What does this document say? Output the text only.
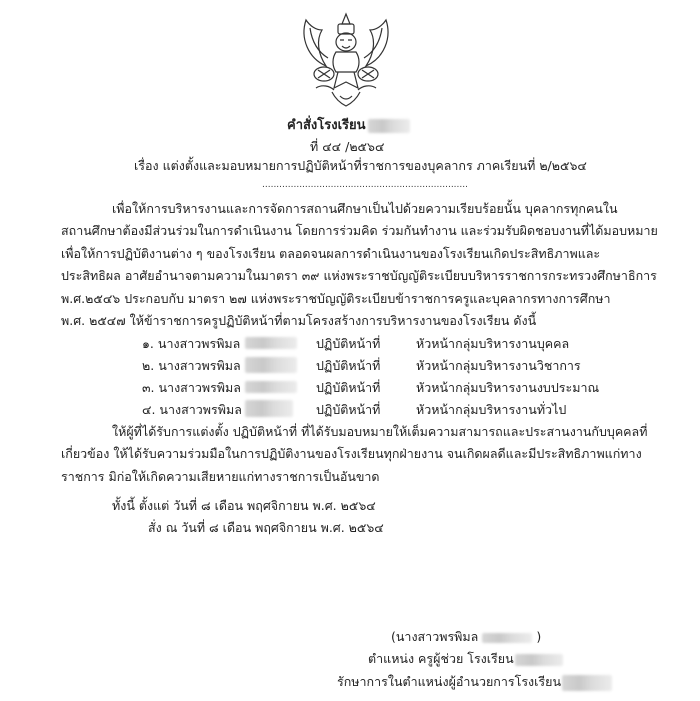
คำสั่งโรงเรียน
ที่ ๔๔ /๒๕๖๔
เรื่อง แต่งตั้งและมอบหมายการปฏิบัติหน้าที่ราชการของบุคลากร ภาคเรียนที่ ๒/๒๕๖๔
........................................................................
เพื่อให้การบริหารงานและการจัดการสถานศึกษาเป็นไปด้วยความเรียบร้อยนั้น บุคลากรทุกคนใน
สถานศึกษาต้องมีส่วนร่วมในการดำเนินงาน โดยการร่วมคิด ร่วมกันทำงาน และร่วมรับผิดชอบงานที่ได้มอบหมาย
เพื่อให้การปฏิบัติงานต่าง ๆ ของโรงเรียน ตลอดจนผลการดำเนินงานของโรงเรียนเกิดประสิทธิภาพและ
ประสิทธิผล อาศัยอำนาจตามความในมาตรา ๓๙ แห่งพระราชบัญญัติระเบียบบริหารราชการกระทรวงศึกษาธิการ
พ.ศ.๒๕๔๖ ประกอบกับ มาตรา ๒๗ แห่งพระราชบัญญัติระเบียบข้าราชการครูและบุคลากรทางการศึกษา
พ.ศ. ๒๕๔๗ ให้ข้าราชการครูปฏิบัติหน้าที่ตามโครงสร้างการบริหารงานของโรงเรียน ดังนี้
๑. นางสาวพรพิมล	ปฏิบัติหน้าที่	หัวหน้ากลุ่มบริหารงานบุคคล
๒. นางสาวพรพิมล	ปฏิบัติหน้าที่	หัวหน้ากลุ่มบริหารงานวิชาการ
๓. นางสาวพรพิมล	ปฏิบัติหน้าที่	หัวหน้ากลุ่มบริหารงานงบประมาณ
๔. นางสาวพรพิมล	ปฏิบัติหน้าที่	หัวหน้ากลุ่มบริหารงานทั่วไป
ให้ผู้ที่ได้รับการแต่งตั้ง ปฏิบัติหน้าที่ ที่ได้รับมอบหมายให้เต็มความสามารถและประสานงานกับบุคคลที่
เกี่ยวข้อง ให้ได้รับความร่วมมือในการปฏิบัติงานของโรงเรียนทุกฝ่ายงาน จนเกิดผลดีและมีประสิทธิภาพแก่ทาง
ราชการ มิก่อให้เกิดความเสียหายแก่ทางราชการเป็นอันขาด
ทั้งนี้ ตั้งแต่ วันที่ ๘ เดือน พฤศจิกายน พ.ศ. ๒๕๖๔
สั่ง ณ วันที่ ๘ เดือน พฤศจิกายน พ.ศ. ๒๕๖๔
(นางสาวพรพิมล	)
ตำแหน่ง ครูผู้ช่วย โรงเรียน
รักษาการในตำแหน่งผู้อำนวยการโรงเรียน
